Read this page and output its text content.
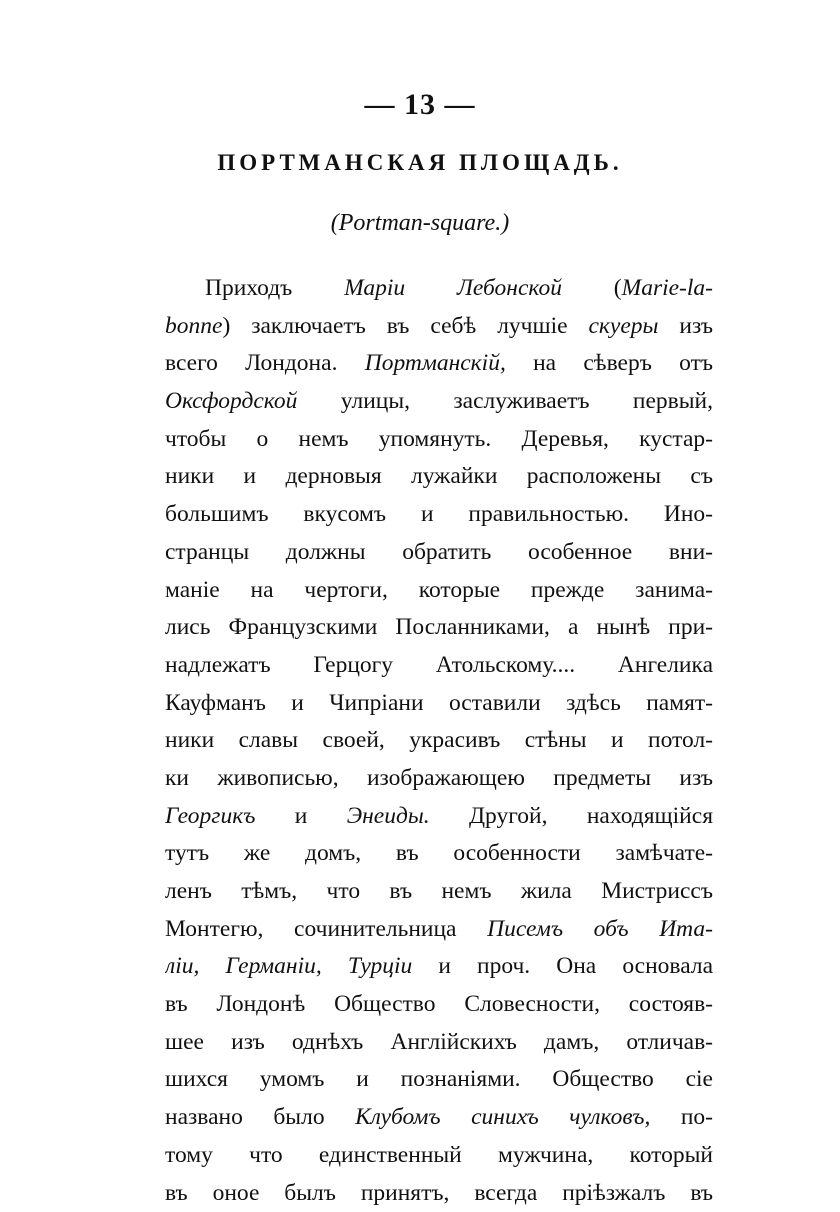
— 13 —
ПОРТМАНСКАЯ ПЛОЩАДЬ.
(Portman-square.)
Приходъ Марiи Лебонской (Marie-la-
bonne) заключаетъ въ себѣ лучшiе скуеры изъ
всего Лондона. Портманскiй, на сѣверъ отъ
Оксфордской улицы, заслуживаетъ первый,
чтобы о немъ упомянуть. Деревья, кустар-
ники и дерновыя лужайки расположены съ
большимъ вкусомъ и правильностью. Ино-
странцы должны обратить особенное вни-
манiе на чертоги, которые прежде занима-
лись Французскими Посланниками, а нынѣ при-
надлежатъ Герцогу Атольскому.... Ангелика
Кауфманъ и Чипрiани оставили здѣсь памят-
ники славы своей, украсивъ стѣны и потол-
ки живописью, изображающею предметы изъ
Георгикъ и Энеиды. Другой, находящiйся
тутъ же домъ, въ особенности замѣчате-
ленъ тѣмъ, что въ немъ жила Мистриссъ
Монтегю, сочинительница Писемъ объ Ита-
лiи, Германiи, Турцiи и проч. Она основала
въ Лондонѣ Общество Словесности, состояв-
шее изъ однѣхъ Англiйскихъ дамъ, отличав-
шихся умомъ и познанiями. Общество сiе
названо было Клубомъ синихъ чулковъ, по-
тому что единственный мужчина, который
въ оное былъ принятъ, всегда прiѣзжалъ въ
